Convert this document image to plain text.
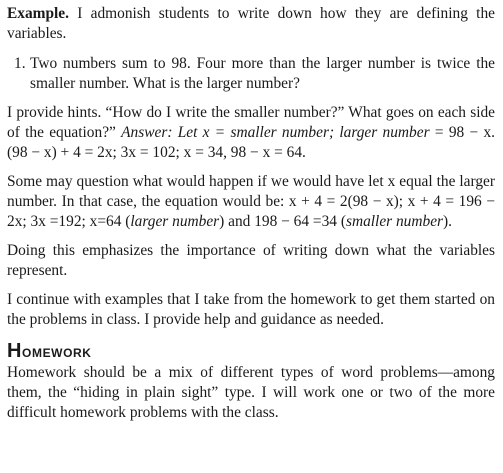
Example. I admonish students to write down how they are defining the variables.

1. Two numbers sum to 98. Four more than the larger number is twice the smaller number. What is the larger number?

I provide hints. “How do I write the smaller number?” What goes on each side of the equation?” Answer: Let x = smaller number; larger number = 98 − x.(98 − x) + 4 = 2x; 3x = 102; x = 34, 98 − x = 64.

Some may question what would happen if we would have let x equal the larger number. In that case, the equation would be: x + 4 = 2(98 − x); x + 4 = 196 − 2x; 3x =192; x=64 (larger number) and 198 − 64 =34 (smaller number).

Doing this emphasizes the importance of writing down what the variables represent.

I continue with examples that I take from the homework to get them started on the problems in class. I provide help and guidance as needed.

Homework

Homework should be a mix of different types of word problems—among them, the “hiding in plain sight” type. I will work one or two of the more difficult homework problems with the class.
